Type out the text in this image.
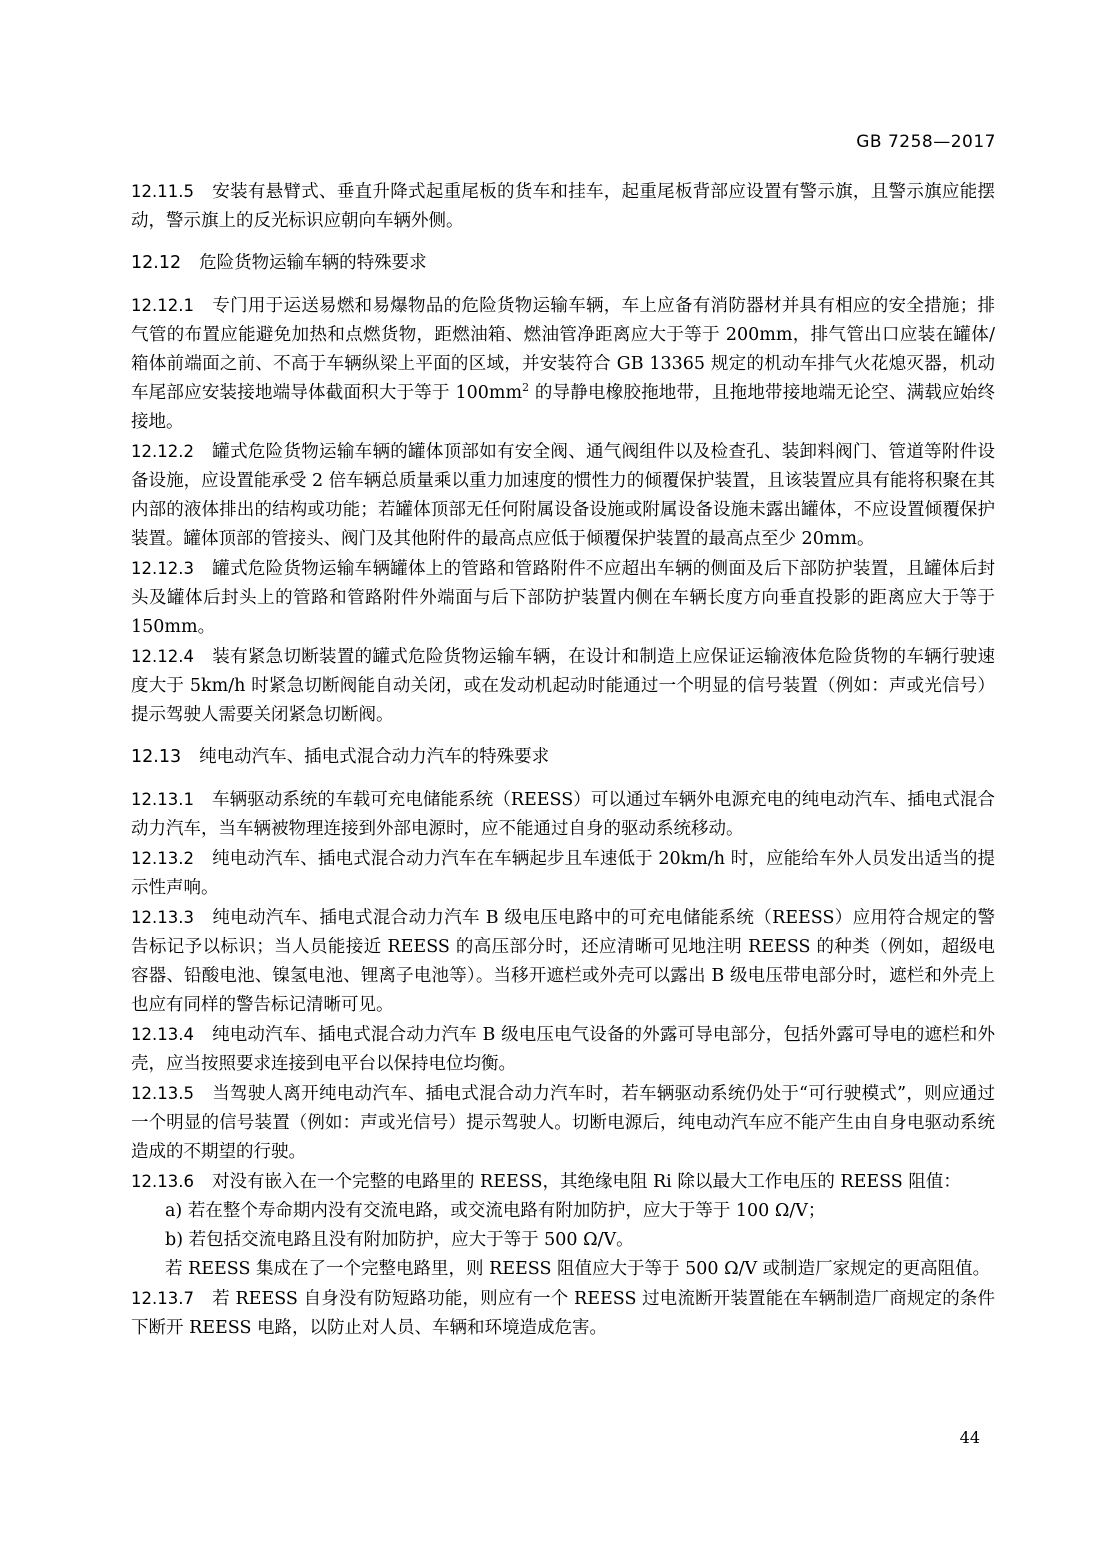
GB 7258—2017

12.11.5 安装有悬臂式、垂直升降式起重尾板的货车和挂车，起重尾板背部应设置有警示旗，且警示旗应能摆动，警示旗上的反光标识应朝向车辆外侧。

12.12 危险货物运输车辆的特殊要求

12.12.1 专门用于运送易燃和易爆物品的危险货物运输车辆，车上应备有消防器材并具有相应的安全措施；排气管的布置应能避免加热和点燃货物，距燃油箱、燃油管净距离应大于等于 200mm，排气管出口应装在罐体/箱体前端面之前、不高于车辆纵梁上平面的区域，并安装符合 GB 13365 规定的机动车排气火花熄灭器，机动车尾部应安装接地端导体截面积大于等于 $100mm^2$ 的导静电橡胶拖地带，且拖地带接地端无论空、满载应始终接地。

12.12.2 罐式危险货物运输车辆的罐体顶部如有安全阀、通气阀组件以及检查孔、装卸料阀门、管道等附件设备设施，应设置能承受 2 倍车辆总质量乘以重力加速度的惯性力的倾覆保护装置，且该装置应具有能将积聚在其内部的液体排出的结构或功能；若罐体顶部无任何附属设备设施或附属设备设施未露出罐体，不应设置倾覆保护装置。罐体顶部的管接头、阀门及其他附件的最高点应低于倾覆保护装置的最高点至少 20mm。

12.12.3 罐式危险货物运输车辆罐体上的管路和管路附件不应超出车辆的侧面及后下部防护装置，且罐体后封头及罐体后封头上的管路和管路附件外端面与后下部防护装置内侧在车辆长度方向垂直投影的距离应大于等于 150mm。

12.12.4 装有紧急切断装置的罐式危险货物运输车辆，在设计和制造上应保证运输液体危险货物的车辆行驶速度大于 5km/h 时紧急切断阀能自动关闭，或在发动机起动时能通过一个明显的信号装置（例如：声或光信号）提示驾驶人需要关闭紧急切断阀。

12.13 纯电动汽车、插电式混合动力汽车的特殊要求

12.13.1 车辆驱动系统的车载可充电储能系统（REESS）可以通过车辆外电源充电的纯电动汽车、插电式混合动力汽车，当车辆被物理连接到外部电源时，应不能通过自身的驱动系统移动。

12.13.2 纯电动汽车、插电式混合动力汽车在车辆起步且车速低于 20km/h 时，应能给车外人员发出适当的提示性声响。

12.13.3 纯电动汽车、插电式混合动力汽车 B 级电压电路中的可充电储能系统（REESS）应用符合规定的警告标记予以标识；当人员能接近 REESS 的高压部分时，还应清晰可见地注明 REESS 的种类（例如，超级电容器、铅酸电池、镍氢电池、锂离子电池等）。当移开遮栏或外壳可以露出 B 级电压带电部分时，遮栏和外壳上也应有同样的警告标记清晰可见。

12.13.4 纯电动汽车、插电式混合动力汽车 B 级电压电气设备的外露可导电部分，包括外露可导电的遮栏和外壳，应当按照要求连接到电平台以保持电位均衡。

12.13.5 当驾驶人离开纯电动汽车、插电式混合动力汽车时，若车辆驱动系统仍处于“可行驶模式”，则应通过一个明显的信号装置（例如：声或光信号）提示驾驶人。切断电源后，纯电动汽车应不能产生由自身电驱动系统造成的不期望的行驶。

12.13.6 对没有嵌入在一个完整的电路里的 REESS，其绝缘电阻 Ri 除以最大工作电压的 REESS 阻值：

a) 若在整个寿命期内没有交流电路，或交流电路有附加防护，应大于等于 100 Ω/V；

b) 若包括交流电路且没有附加防护，应大于等于 500 Ω/V。

若 REESS 集成在了一个完整电路里，则 REESS 阻值应大于等于 500 Ω/V 或制造厂家规定的更高阻值。

12.13.7 若 REESS 自身没有防短路功能，则应有一个 REESS 过电流断开装置能在车辆制造厂商规定的条件下断开 REESS 电路，以防止对人员、车辆和环境造成危害。

44
